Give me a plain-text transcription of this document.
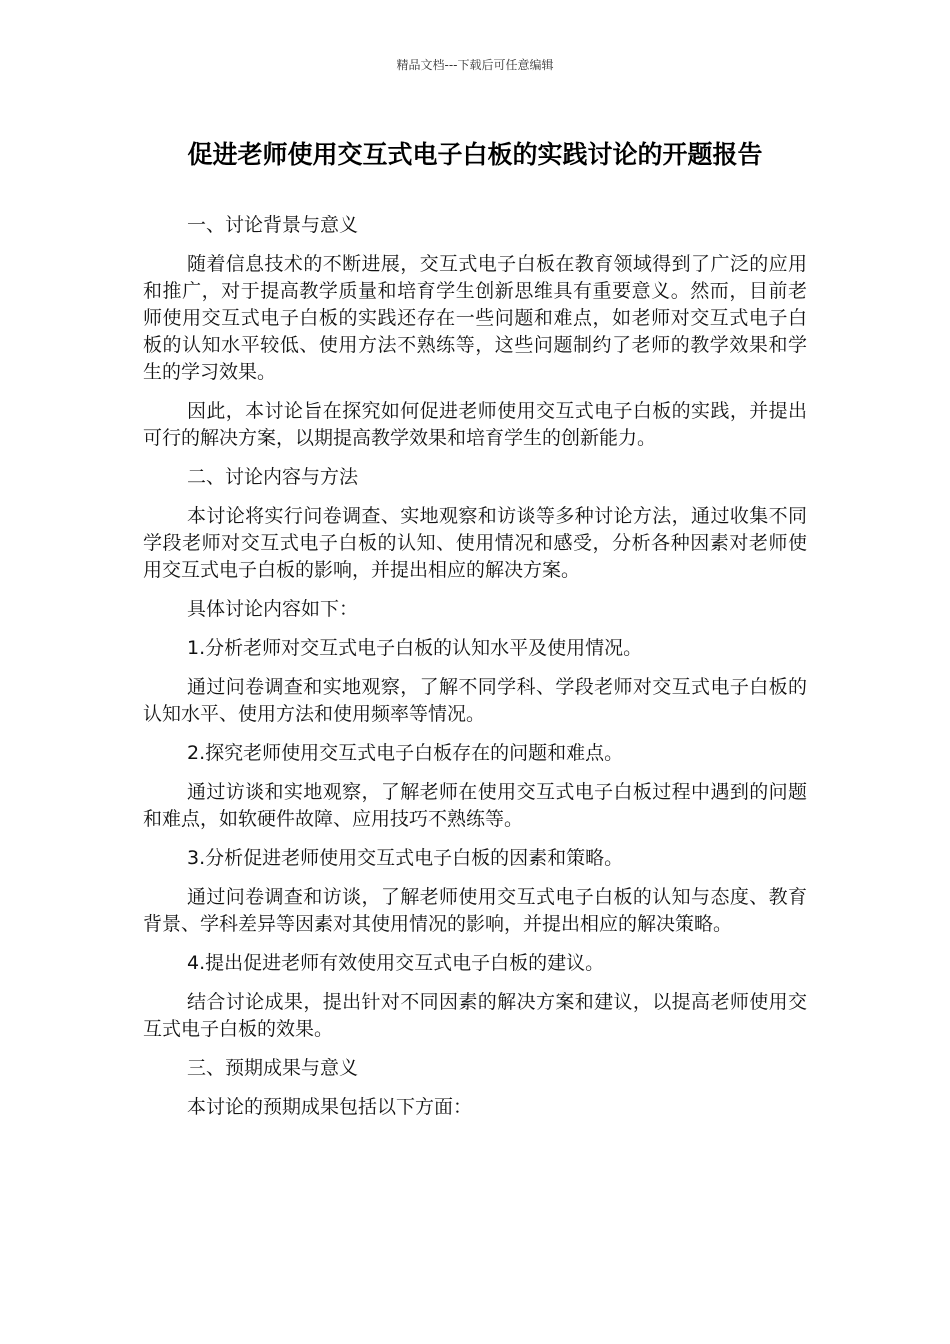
精品文档---下载后可任意编辑
促进老师使用交互式电子白板的实践讨论的开题报告

一、讨论背景与意义

随着信息技术的不断进展，交互式电子白板在教育领域得到了广泛的应用和推广，对于提高教学质量和培育学生创新思维具有重要意义。然而，目前老师使用交互式电子白板的实践还存在一些问题和难点，如老师对交互式电子白板的认知水平较低、使用方法不熟练等，这些问题制约了老师的教学效果和学生的学习效果。

因此，本讨论旨在探究如何促进老师使用交互式电子白板的实践，并提出可行的解决方案，以期提高教学效果和培育学生的创新能力。

二、讨论内容与方法

本讨论将实行问卷调查、实地观察和访谈等多种讨论方法，通过收集不同学段老师对交互式电子白板的认知、使用情况和感受，分析各种因素对老师使用交互式电子白板的影响，并提出相应的解决方案。

具体讨论内容如下：

1.分析老师对交互式电子白板的认知水平及使用情况。

通过问卷调查和实地观察，了解不同学科、学段老师对交互式电子白板的认知水平、使用方法和使用频率等情况。

2.探究老师使用交互式电子白板存在的问题和难点。

通过访谈和实地观察，了解老师在使用交互式电子白板过程中遇到的问题和难点，如软硬件故障、应用技巧不熟练等。

3.分析促进老师使用交互式电子白板的因素和策略。

通过问卷调查和访谈，了解老师使用交互式电子白板的认知与态度、教育背景、学科差异等因素对其使用情况的影响，并提出相应的解决策略。

4.提出促进老师有效使用交互式电子白板的建议。

结合讨论成果，提出针对不同因素的解决方案和建议，以提高老师使用交互式电子白板的效果。

三、预期成果与意义

本讨论的预期成果包括以下方面：
